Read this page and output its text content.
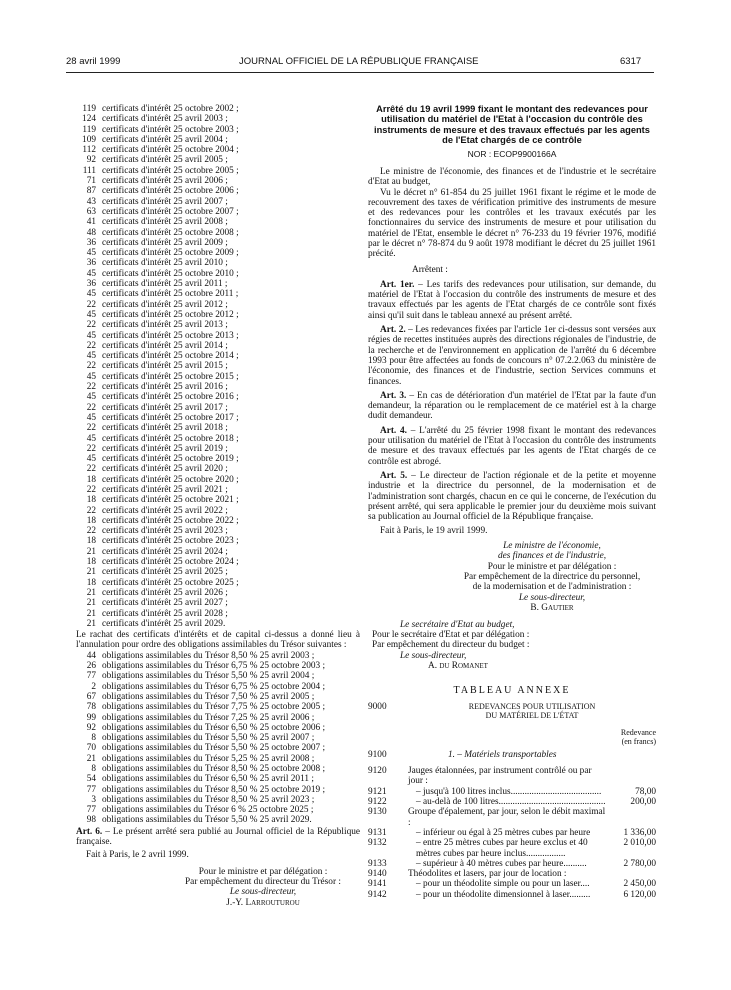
28 avril 1999	JOURNAL OFFICIEL DE LA RÉPUBLIQUE FRANÇAISE	6317
119 certificats d'intérêt 25 octobre 2002 ;
124 certificats d'intérêt 25 avril 2003 ;
119 certificats d'intérêt 25 octobre 2003 ;
109 certificats d'intérêt 25 avril 2004 ;
112 certificats d'intérêt 25 octobre 2004 ;
92 certificats d'intérêt 25 avril 2005 ;
111 certificats d'intérêt 25 octobre 2005 ;
71 certificats d'intérêt 25 avril 2006 ;
87 certificats d'intérêt 25 octobre 2006 ;
43 certificats d'intérêt 25 avril 2007 ;
63 certificats d'intérêt 25 octobre 2007 ;
41 certificats d'intérêt 25 avril 2008 ;
48 certificats d'intérêt 25 octobre 2008 ;
36 certificats d'intérêt 25 avril 2009 ;
45 certificats d'intérêt 25 octobre 2009 ;
36 certificats d'intérêt 25 avril 2010 ;
45 certificats d'intérêt 25 octobre 2010 ;
36 certificats d'intérêt 25 avril 2011 ;
45 certificats d'intérêt 25 octobre 2011 ;
22 certificats d'intérêt 25 avril 2012 ;
45 certificats d'intérêt 25 octobre 2012 ;
22 certificats d'intérêt 25 avril 2013 ;
45 certificats d'intérêt 25 octobre 2013 ;
22 certificats d'intérêt 25 avril 2014 ;
45 certificats d'intérêt 25 octobre 2014 ;
22 certificats d'intérêt 25 avril 2015 ;
45 certificats d'intérêt 25 octobre 2015 ;
22 certificats d'intérêt 25 avril 2016 ;
45 certificats d'intérêt 25 octobre 2016 ;
22 certificats d'intérêt 25 avril 2017 ;
45 certificats d'intérêt 25 octobre 2017 ;
22 certificats d'intérêt 25 avril 2018 ;
45 certificats d'intérêt 25 octobre 2018 ;
22 certificats d'intérêt 25 avril 2019 ;
45 certificats d'intérêt 25 octobre 2019 ;
22 certificats d'intérêt 25 avril 2020 ;
18 certificats d'intérêt 25 octobre 2020 ;
22 certificats d'intérêt 25 avril 2021 ;
18 certificats d'intérêt 25 octobre 2021 ;
22 certificats d'intérêt 25 avril 2022 ;
18 certificats d'intérêt 25 octobre 2022 ;
22 certificats d'intérêt 25 avril 2023 ;
18 certificats d'intérêt 25 octobre 2023 ;
21 certificats d'intérêt 25 avril 2024 ;
18 certificats d'intérêt 25 octobre 2024 ;
21 certificats d'intérêt 25 avril 2025 ;
18 certificats d'intérêt 25 octobre 2025 ;
21 certificats d'intérêt 25 avril 2026 ;
21 certificats d'intérêt 25 avril 2027 ;
21 certificats d'intérêt 25 avril 2028 ;
21 certificats d'intérêt 25 avril 2029.

Le rachat des certificats d'intérêts et de capital ci-dessus a donné lieu à l'annulation pour ordre des obligations assimilables du Trésor suivantes :

44 obligations assimilables du Trésor 8,50 % 25 avril 2003 ;
26 obligations assimilables du Trésor 6,75 % 25 octobre 2003 ;
77 obligations assimilables du Trésor 5,50 % 25 avril 2004 ;
2 obligations assimilables du Trésor 6,75 % 25 octobre 2004 ;
67 obligations assimilables du Trésor 7,50 % 25 avril 2005 ;
78 obligations assimilables du Trésor 7,75 % 25 octobre 2005 ;
99 obligations assimilables du Trésor 7,25 % 25 avril 2006 ;
92 obligations assimilables du Trésor 6,50 % 25 octobre 2006 ;
8 obligations assimilables du Trésor 5,50 % 25 avril 2007 ;
70 obligations assimilables du Trésor 5,50 % 25 octobre 2007 ;
21 obligations assimilables du Trésor 5,25 % 25 avril 2008 ;
8 obligations assimilables du Trésor 8,50 % 25 octobre 2008 ;
54 obligations assimilables du Trésor 6,50 % 25 avril 2011 ;
77 obligations assimilables du Trésor 8,50 % 25 octobre 2019 ;
3 obligations assimilables du Trésor 8,50 % 25 avril 2023 ;
77 obligations assimilables du Trésor 6 % 25 octobre 2025 ;
98 obligations assimilables du Trésor 5,50 % 25 avril 2029.

Art. 6. – Le présent arrêté sera publié au Journal officiel de la République française.

Fait à Paris, le 2 avril 1999.
Pour le ministre et par délégation :
Par empêchement du directeur du Trésor :
Le sous-directeur,
J.-Y. Larrouturou
Arrêté du 19 avril 1999 fixant le montant des redevances pour utilisation du matériel de l'Etat à l'occasion du contrôle des instruments de mesure et des travaux effectués par les agents de l'Etat chargés de ce contrôle
NOR : ECOP9900166A

Le ministre de l'économie, des finances et de l'industrie et le secrétaire d'Etat au budget,

Vu le décret n° 61-854 du 25 juillet 1961 fixant le régime et le mode de recouvrement des taxes de vérification primitive des instruments de mesure et des redevances pour les contrôles et les travaux exécutés par les fonctionnaires du service des instruments de mesure et pour utilisation du matériel de l'Etat, ensemble le décret n° 76-233 du 19 février 1976, modifié par le décret n° 78-874 du 9 août 1978 modifiant le décret du 25 juillet 1961 précité.

Arrêtent :

Art. 1er. – Les tarifs des redevances pour utilisation, sur demande, du matériel de l'Etat à l'occasion du contrôle des instruments de mesure et des travaux effectués par les agents de l'Etat chargés de ce contrôle sont fixés ainsi qu'il suit dans le tableau annexé au présent arrêté.

Art. 2. – Les redevances fixées par l'article 1er ci-dessus sont versées aux régies de recettes instituées auprès des directions régionales de l'industrie, de la recherche et de l'environnement en application de l'arrêté du 6 décembre 1993 pour être affectées au fonds de concours n° 07.2.2.063 du ministère de l'économie, des finances et de l'industrie, section Services communs et finances.

Art. 3. – En cas de détérioration d'un matériel de l'Etat par la faute d'un demandeur, la réparation ou le remplacement de ce matériel est à la charge dudit demandeur.

Art. 4. – L'arrêté du 25 février 1998 fixant le montant des redevances pour utilisation du matériel de l'Etat à l'occasion du contrôle des instruments de mesure et des travaux effectués par les agents de l'Etat chargés de ce contrôle est abrogé.

Art. 5. – Le directeur de l'action régionale et de la petite et moyenne industrie et la directrice du personnel, de la modernisation et de l'administration sont chargés, chacun en ce qui le concerne, de l'exécution du présent arrêté, qui sera applicable le premier jour du deuxième mois suivant sa publication au Journal officiel de la République française.

Fait à Paris, le 19 avril 1999.
Le ministre de l'économie,
des finances et de l'industrie,
Pour le ministre et par délégation :
Par empêchement de la directrice du personnel,
de la modernisation et de l'administration :
Le sous-directeur,
B. Gautier
Le secrétaire d'Etat au budget,
Pour le secrétaire d'Etat et par délégation :
Par empêchement du directeur du budget :
Le sous-directeur,
A. du Romanet
TABLEAU ANNEXE
9000	REDEVANCES POUR UTILISATION
DU MATÉRIEL DE L'ÉTAT
Redevance
(en francs)
9100	1. – Matériels transportables
9120	Jauges étalonnées, par instrument contrôlé ou par jour :
9121	– jusqu'à 100 litres inclus.......................................	78,00
9122	– au-delà de 100 litres..............................................	200,00
9130	Groupe d'épalement, par jour, selon le débit maximal :
9131	– inférieur ou égal à 25 mètres cubes par heure	1 336,00
9132	– entre 25 mètres cubes par heure exclus et 40 mètres cubes par heure inclus.................
2 010,00
9133	– supérieur à 40 mètres cubes par heure..........	2 780,00
9140	Théodolites et lasers, par jour de location :
9141	– pour un théodolite simple ou pour un laser....	2 450,00
9142	– pour un théodolite dimensionnel à laser.........	6 120,00
